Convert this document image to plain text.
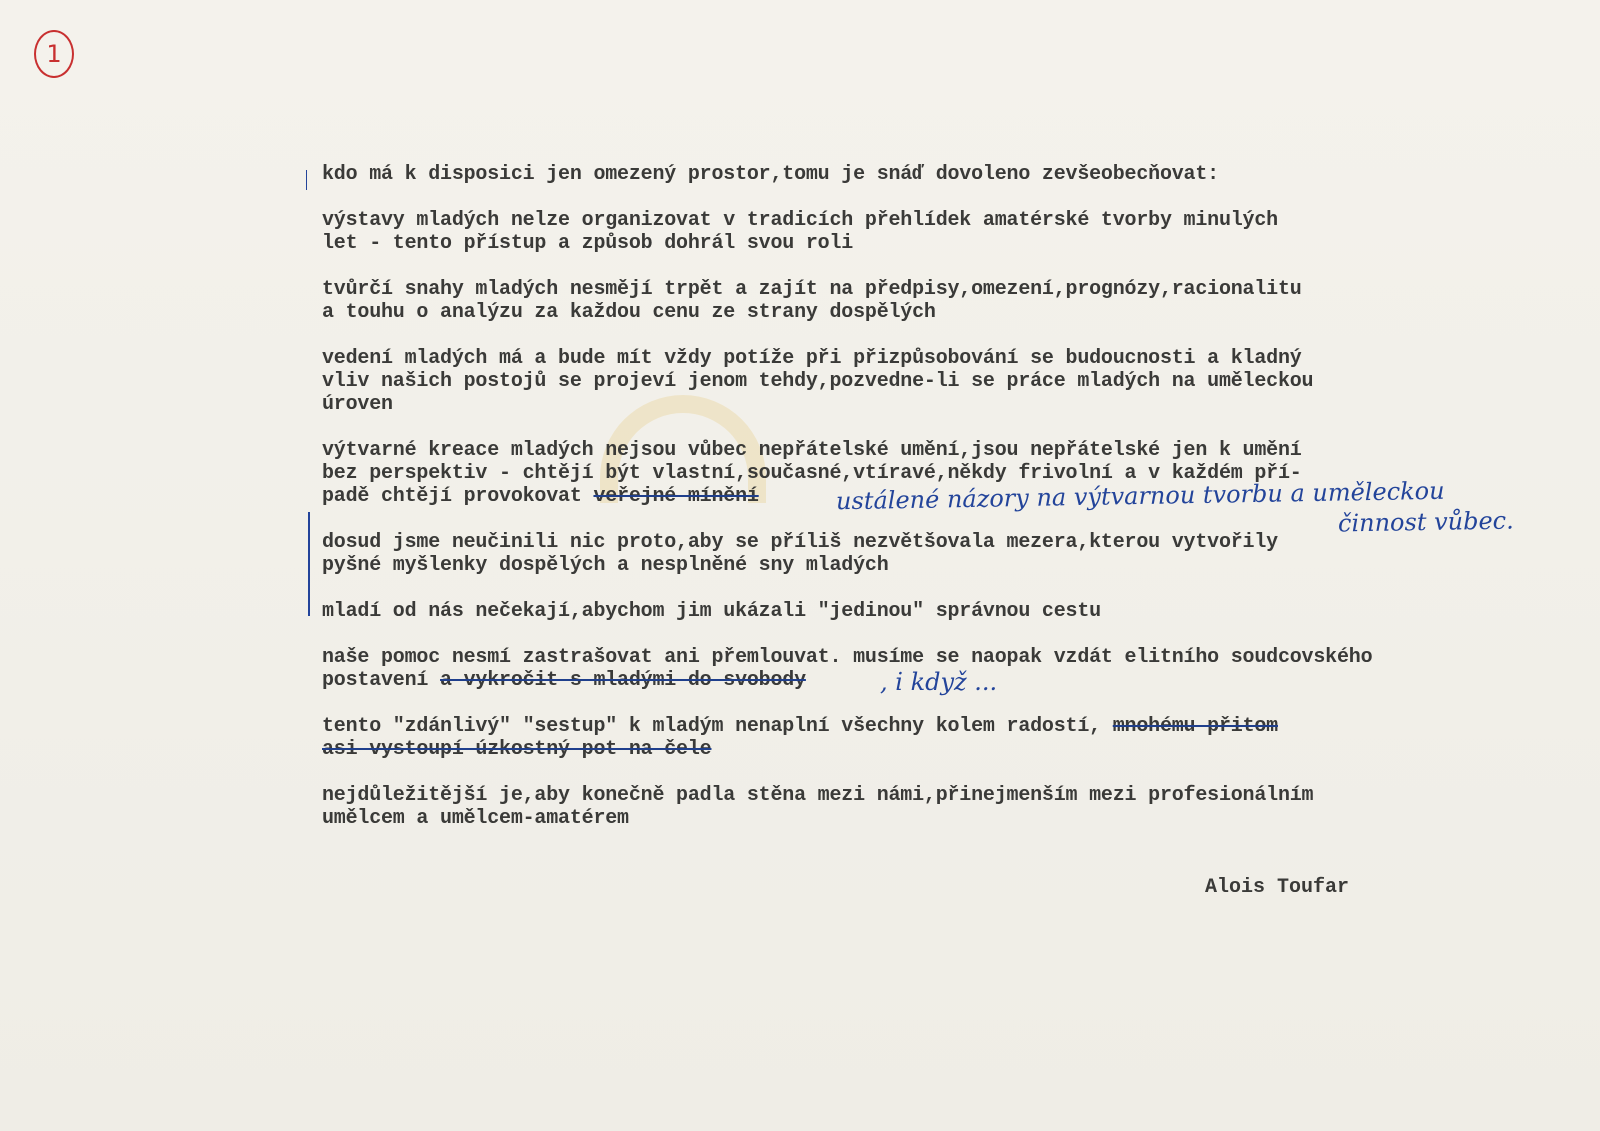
1

kdo má k disposici jen omezený prostor,tomu je snáď dovoleno zevšeobecňovat:

výstavy mladých nelze organizovat v tradicích přehlídek amatérské tvorby minulých
let - tento přístup a způsob dohrál svou roli

tvůrčí snahy mladých nesmějí trpět a zajít na předpisy,omezení,prognózy,racionalitu
a touhu o analýzu za každou cenu ze strany dospělých

vedení mladých má a bude mít vždy potíže při přizpůsobování se budoucnosti a kladný
vliv našich postojů se projeví jenom tehdy,pozvedne-li se práce mladých na uměleckou
úroven

výtvarné kreace mladých nejsou vůbec nepřátelské umění,jsou nepřátelské jen k umění
bez perspektiv - chtějí být vlastní,současné,vtíravé,někdy frivolní a v každém pří-
padě chtějí provokovat veřejné mínění

dosud jsme neučinili nic proto,aby se příliš nezvětšovala mezera,kterou vytvořily
pyšné myšlenky dospělých a nesplněné sny mladých

mladí od nás nečekají,abychom jim ukázali "jedinou" správnou cestu

naše pomoc nesmí zastrašovat ani přemlouvat. musíme se naopak vzdát elitního soudcovského
postavení a vykročit s mladými do svobody

tento "zdánlivý" "sestup" k mladým nenaplní všechny kolem radostí, mnohému přitom
asi vystoupí úzkostný pot na čele

nejdůležitější je,aby konečně padla stěna mezi námi,přinejmenším mezi profesionálním
umělcem a umělcem-amatérem

ustálené názory na výtvarnou tvorbu a uměleckou
činnost vůbec.
, i když ...
Alois Toufar
